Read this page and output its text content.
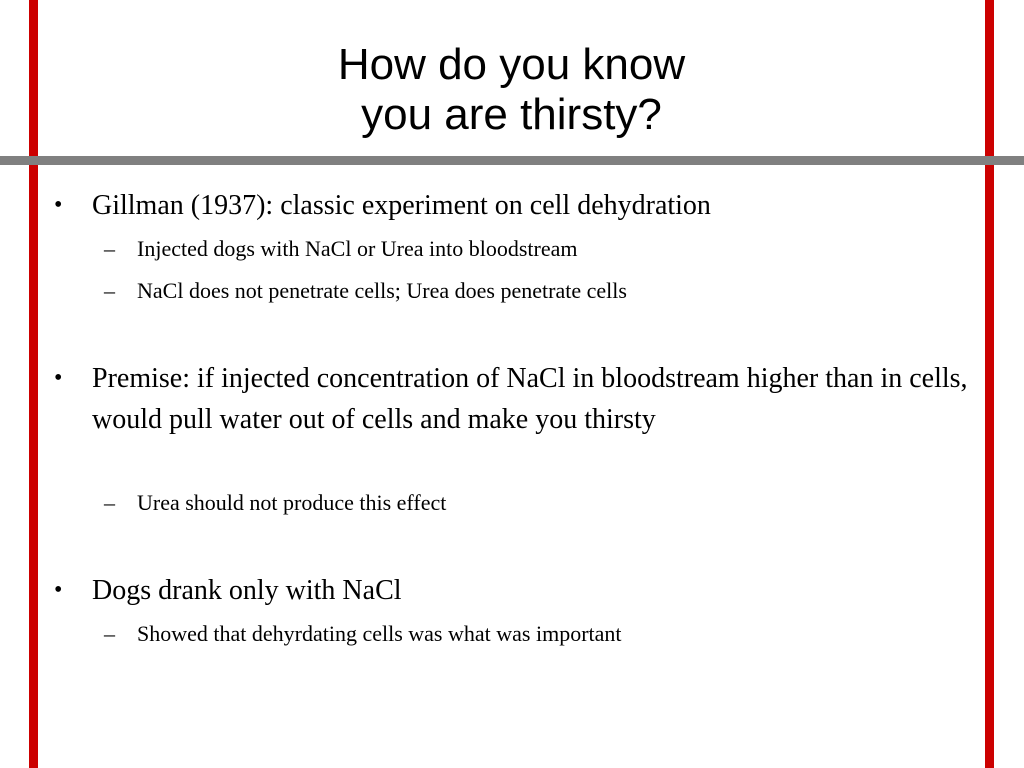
How do you know
you are thirsty?
• Gillman (1937): classic experiment on cell dehydration
– Injected dogs with NaCl or Urea into bloodstream
– NaCl does not penetrate cells; Urea does penetrate cells
• Premise: if injected concentration of NaCl in bloodstream higher than in cells, would pull water out of cells and make you thirsty
– Urea should not produce this effect
• Dogs drank only with NaCl
– Showed that dehyrdating cells was what was important
